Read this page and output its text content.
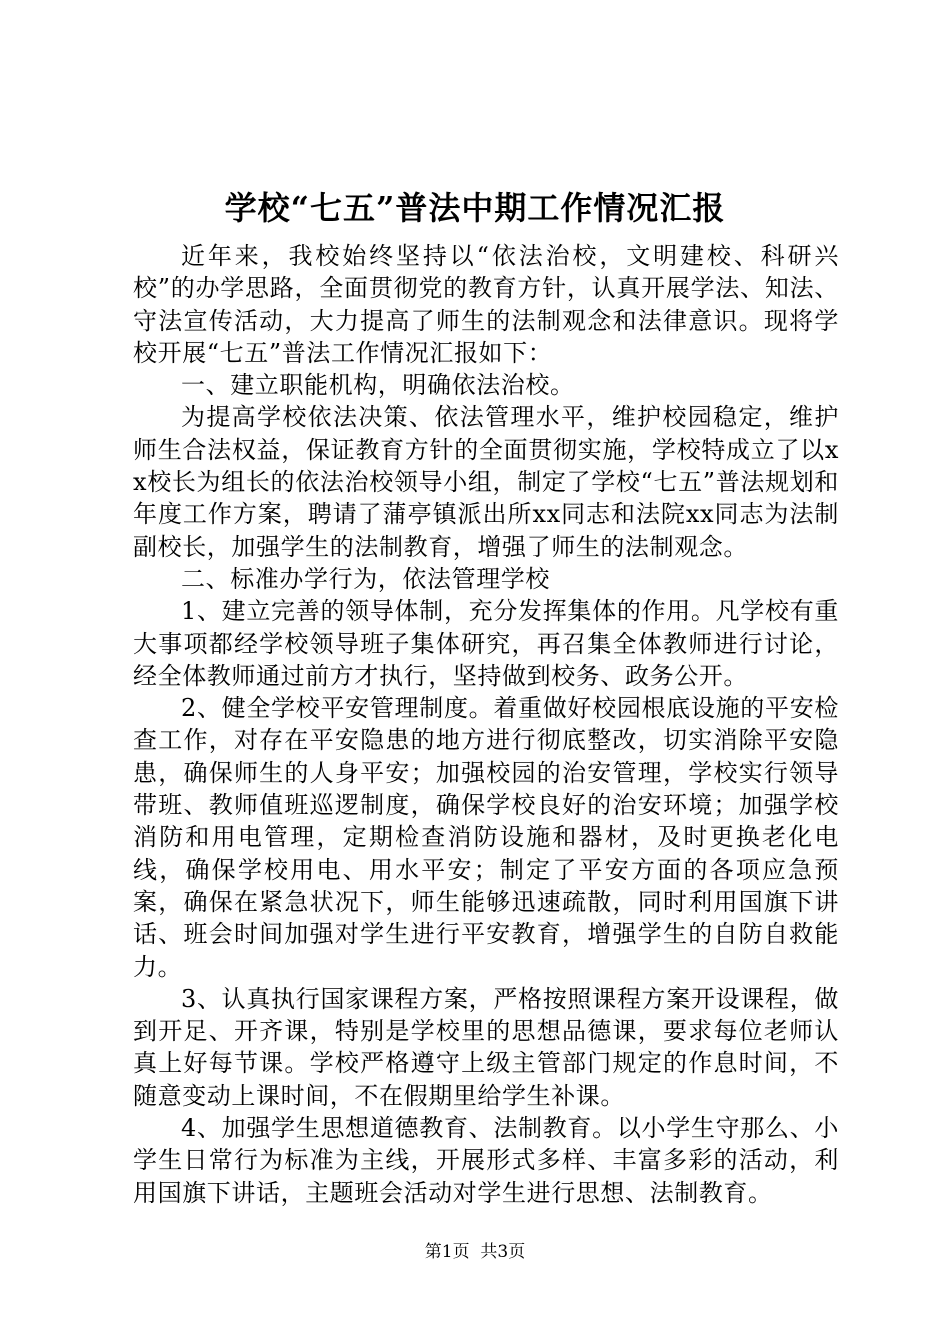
学校“七五”普法中期工作情况汇报

近年来，我校始终坚持以“依法治校，文明建校、科研兴校”的办学思路，全面贯彻党的教育方针，认真开展学法、知法、守法宣传活动，大力提高了师生的法制观念和法律意识。现将学校开展“七五”普法工作情况汇报如下：

一、建立职能机构，明确依法治校。

为提高学校依法决策、依法管理水平，维护校园稳定，维护师生合法权益，保证教育方针的全面贯彻实施，学校特成立了以xx校长为组长的依法治校领导小组，制定了学校“七五”普法规划和年度工作方案，聘请了蒲亭镇派出所xx同志和法院xx同志为法制副校长，加强学生的法制教育，增强了师生的法制观念。

二、标准办学行为，依法管理学校

1、建立完善的领导体制，充分发挥集体的作用。凡学校有重大事项都经学校领导班子集体研究，再召集全体教师进行讨论，经全体教师通过前方才执行，坚持做到校务、政务公开。

2、健全学校平安管理制度。着重做好校园根底设施的平安检查工作，对存在平安隐患的地方进行彻底整改，切实消除平安隐患，确保师生的人身平安；加强校园的治安管理，学校实行领导带班、教师值班巡逻制度，确保学校良好的治安环境；加强学校消防和用电管理，定期检查消防设施和器材，及时更换老化电线，确保学校用电、用水平安；制定了平安方面的各项应急预案，确保在紧急状况下，师生能够迅速疏散，同时利用国旗下讲话、班会时间加强对学生进行平安教育，增强学生的自防自救能力。

3、认真执行国家课程方案，严格按照课程方案开设课程，做到开足、开齐课，特别是学校里的思想品德课，要求每位老师认真上好每节课。学校严格遵守上级主管部门规定的作息时间，不随意变动上课时间，不在假期里给学生补课。

4、加强学生思想道德教育、法制教育。以小学生守那么、小学生日常行为标准为主线，开展形式多样、丰富多彩的活动，利用国旗下讲话，主题班会活动对学生进行思想、法制教育。

第1页 共3页
